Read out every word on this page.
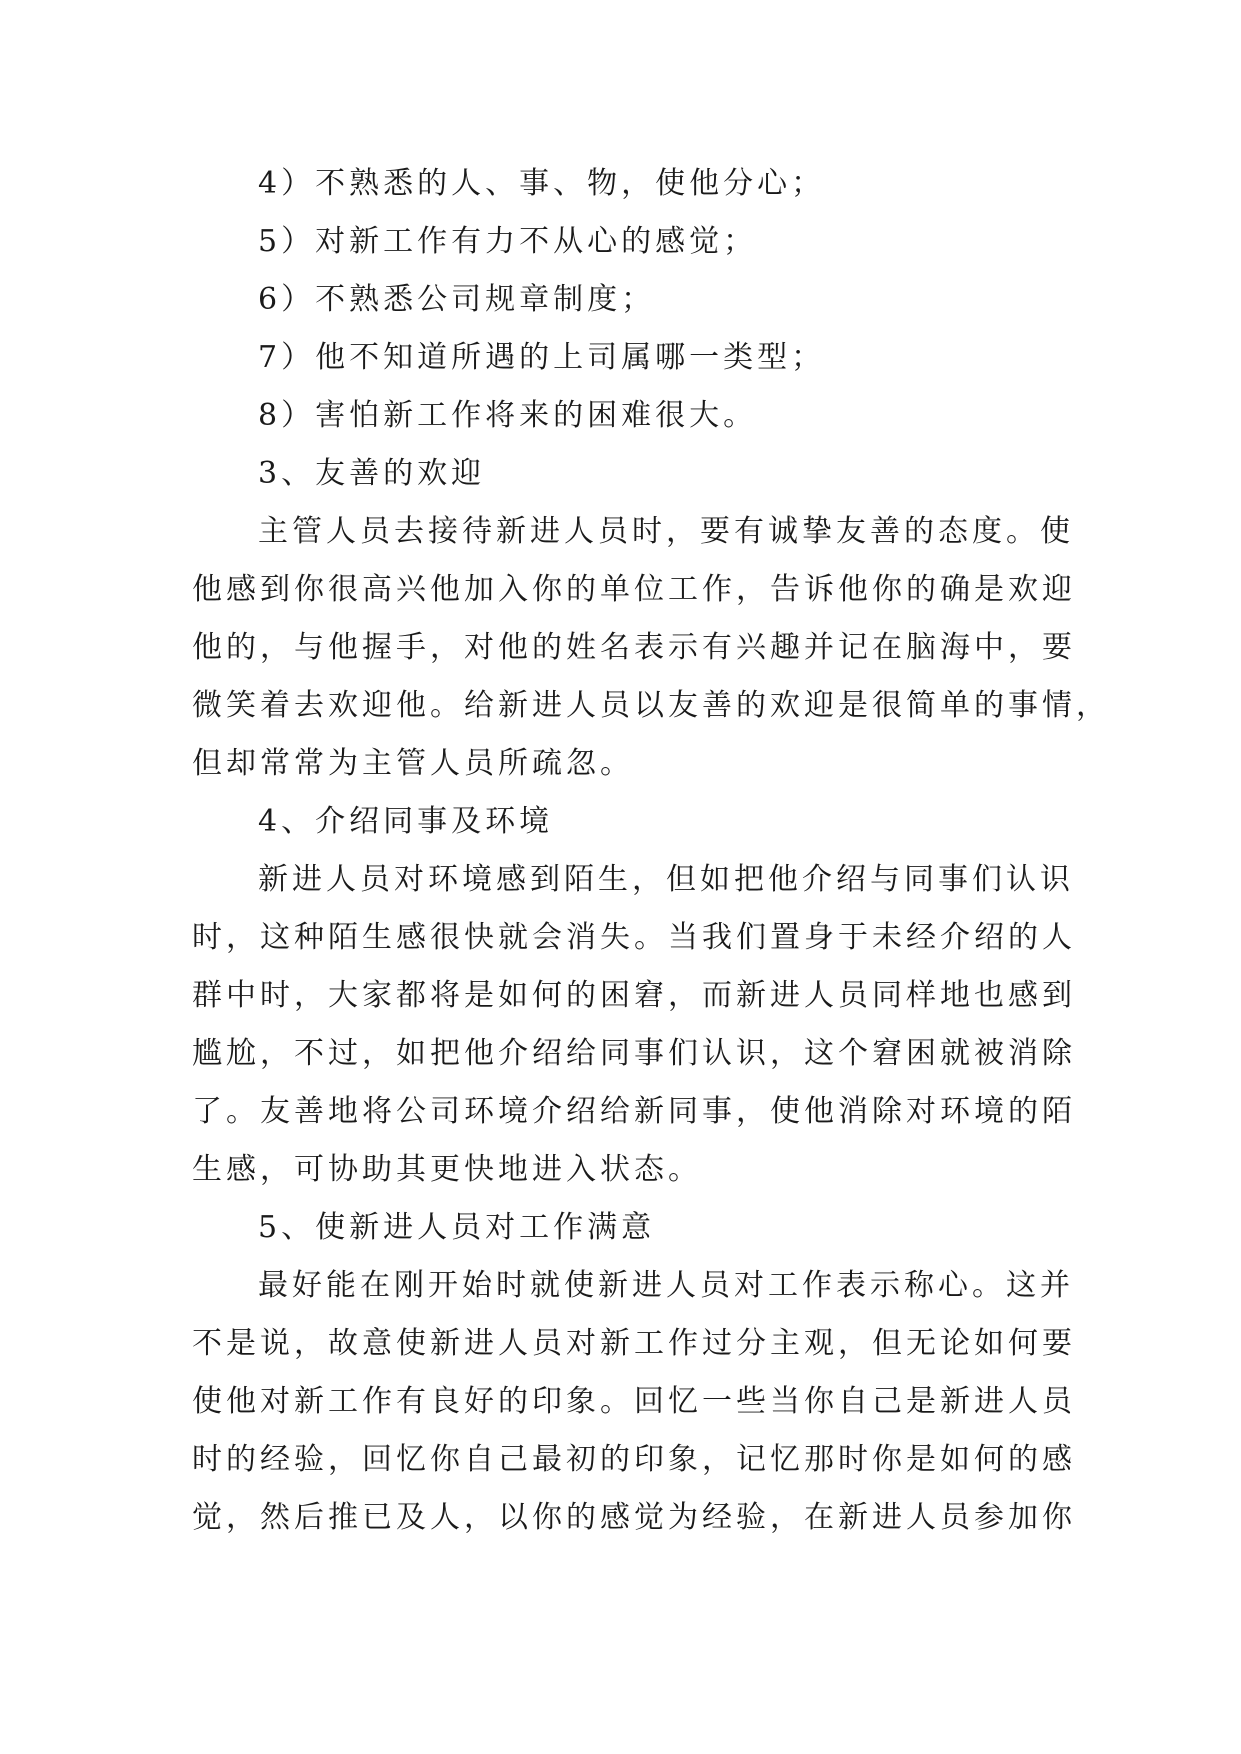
4）不熟悉的人、事、物，使他分心；
5）对新工作有力不从心的感觉；
6）不熟悉公司规章制度；
7）他不知道所遇的上司属哪一类型；
8）害怕新工作将来的困难很大。
3、友善的欢迎
主管人员去接待新进人员时，要有诚挚友善的态度。使
他感到你很高兴他加入你的单位工作，告诉他你的确是欢迎
他的，与他握手，对他的姓名表示有兴趣并记在脑海中，要
微笑着去欢迎他。给新进人员以友善的欢迎是很简单的事情，
但却常常为主管人员所疏忽。
4、介绍同事及环境
新进人员对环境感到陌生，但如把他介绍与同事们认识
时，这种陌生感很快就会消失。当我们置身于未经介绍的人
群中时，大家都将是如何的困窘，而新进人员同样地也感到
尴尬，不过，如把他介绍给同事们认识，这个窘困就被消除
了。友善地将公司环境介绍给新同事，使他消除对环境的陌
生感，可协助其更快地进入状态。
5、使新进人员对工作满意
最好能在刚开始时就使新进人员对工作表示称心。这并
不是说，故意使新进人员对新工作过分主观，但无论如何要
使他对新工作有良好的印象。回忆一些当你自己是新进人员
时的经验，回忆你自己最初的印象，记忆那时你是如何的感
觉，然后推已及人，以你的感觉为经验，在新进人员参加你
